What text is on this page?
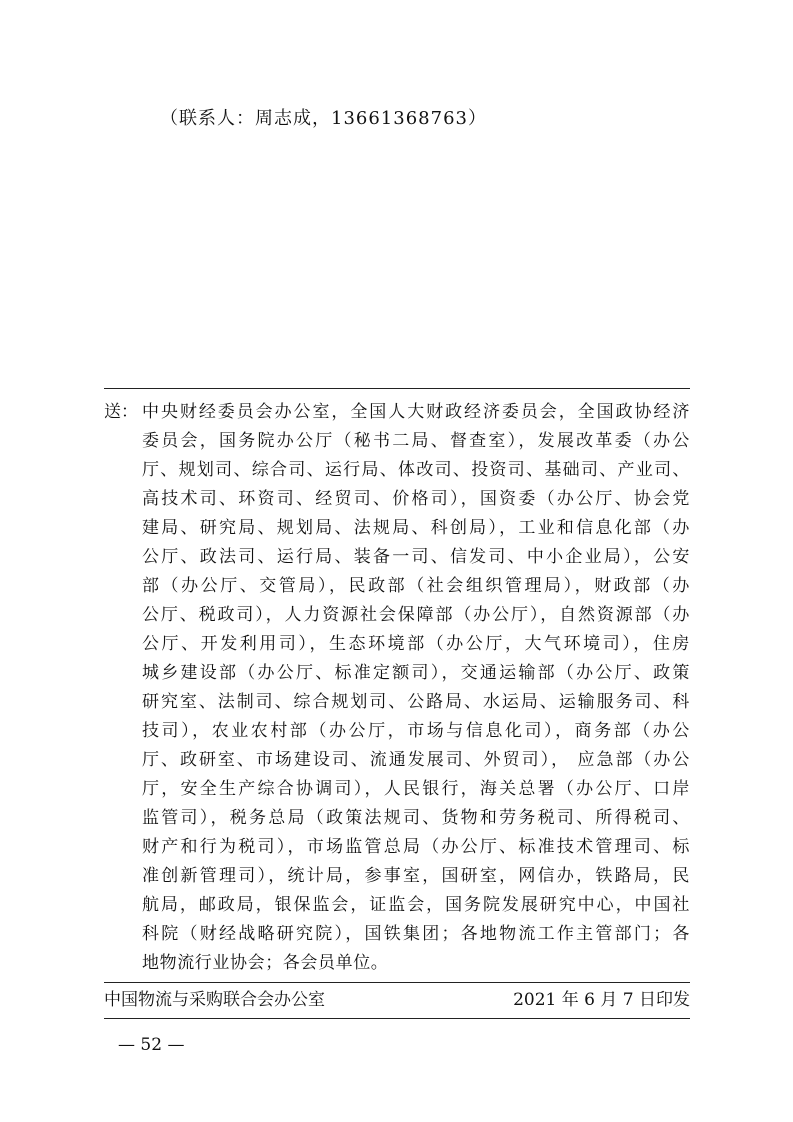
（联系人：周志成，13661368763）
送： 中央财经委员会办公室，全国人大财政经济委员会，全国政协经济
委员会，国务院办公厅（秘书二局、督查室），发展改革委（办公
厅、规划司、综合司、运行局、体改司、投资司、基础司、产业司、
高技术司、环资司、经贸司、价格司），国资委（办公厅、协会党
建局、研究局、规划局、法规局、科创局），工业和信息化部（办
公厅、政法司、运行局、装备一司、信发司、中小企业局），公安
部（办公厅、交管局），民政部（社会组织管理局），财政部（办
公厅、税政司），人力资源社会保障部（办公厅），自然资源部（办
公厅、开发利用司），生态环境部（办公厅，大气环境司），住房
城乡建设部（办公厅、标准定额司），交通运输部（办公厅、政策
研究室、法制司、综合规划司、公路局、水运局、运输服务司、科
技司），农业农村部（办公厅，市场与信息化司），商务部（办公
厅、政研室、市场建设司、流通发展司、外贸司）， 应急部（办公
厅，安全生产综合协调司），人民银行，海关总署（办公厅、口岸
监管司），税务总局（政策法规司、货物和劳务税司、所得税司、
财产和行为税司），市场监管总局（办公厅、标准技术管理司、标
准创新管理司），统计局，参事室，国研室，网信办，铁路局，民
航局，邮政局，银保监会，证监会，国务院发展研究中心，中国社
科院（财经战略研究院），国铁集团；各地物流工作主管部门；各
地物流行业协会；各会员单位。
中国物流与采购联合会办公室	2021 年 6 月 7 日印发
— 52 —
